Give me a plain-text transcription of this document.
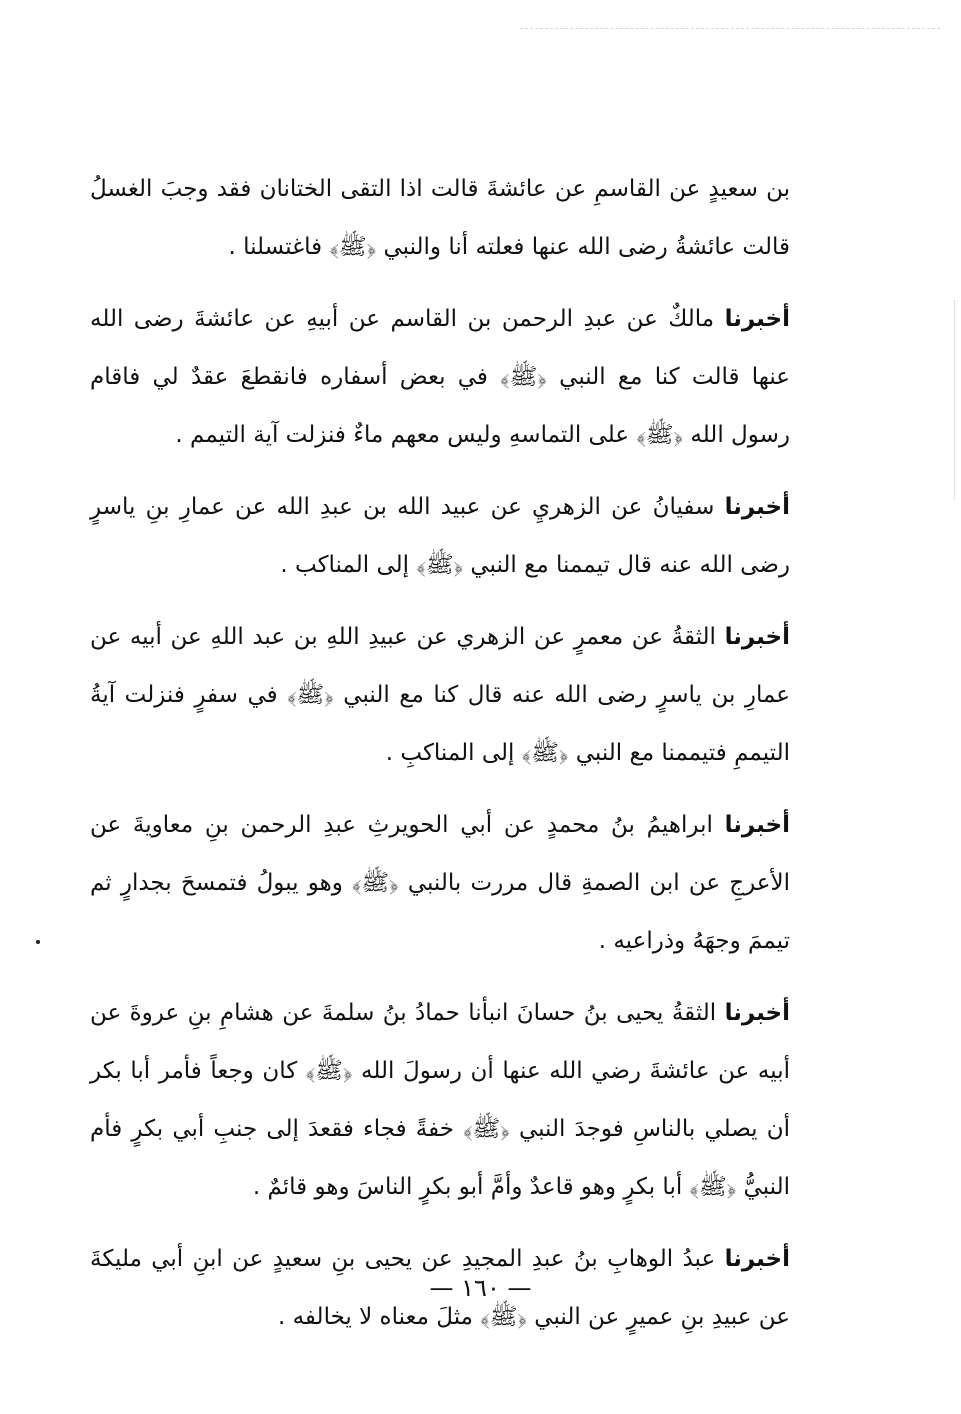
بن سعيدٍ عن القاسمِ عن عائشةَ قالت اذا التقى الختانان فقد وجبَ الغسلُ قالت عائشةُ رضى الله عنها فعلته أنا والنبي ﴿ﷺ﴾ فاغتسلنا .

أخبرنا مالكٌ عن عبدِ الرحمن بن القاسم عن أبيهِ عن عائشةَ رضى الله عنها قالت كنا مع النبي ﴿ﷺ﴾ في بعض أسفاره فانقطعَ عقدٌ لي فاقام رسول الله ﴿ﷺ﴾ على التماسهِ وليس معهم ماءٌ فنزلت آية التيمم .

أخبرنا سفيانُ عن الزهريِ عن عبيد الله بن عبدِ الله عن عمارِ بنِ ياسرٍ رضى الله عنه قال تيممنا مع النبي ﴿ﷺ﴾ إلى المناكب .

أخبرنا الثقةُ عن معمرٍ عن الزهري عن عبيدِ اللهِ بن عبد اللهِ عن أبيه عن عمارِ بن ياسرٍ رضى الله عنه قال كنا مع النبي ﴿ﷺ﴾ في سفرٍ فنزلت آيةُ التيممِ فتيممنا مع النبي ﴿ﷺ﴾ إلى المناكبِ .

أخبرنا ابراهيمُ بنُ محمدٍ عن أبي الحويرثِ عبدِ الرحمن بنِ معاويةَ عن الأعرجِ عن ابن الصمةِ قال مررت بالنبي ﴿ﷺ﴾ وهو يبولُ فتمسحَ بجدارٍ ثم تيممَ وجهَهُ وذراعيه .

أخبرنا الثقةُ يحيى بنُ حسانَ انبأنا حمادُ بنُ سلمةَ عن هشامِ بنِ عروةَ عن أبيه عن عائشةَ رضي الله عنها أن رسولَ الله ﴿ﷺ﴾ كان وجعاً فأمر أبا بكر أن يصلي بالناسِ فوجدَ النبي ﴿ﷺ﴾ خفةً فجاء فقعدَ إلى جنبِ أبي بكرٍ فأم النبيُّ ﴿ﷺ﴾ أبا بكرٍ وهو قاعدٌ وأمَّ أبو بكرٍ الناسَ وهو قائمٌ .

أخبرنا عبدُ الوهابِ بنُ عبدِ المجيدِ عن يحيى بنِ سعيدٍ عن ابنِ أبي مليكةَ عن عبيدِ بنِ عميرٍ عن النبي ﴿ﷺ﴾ مثلَ معناه لا يخالفه .

— ١٦٠ —
